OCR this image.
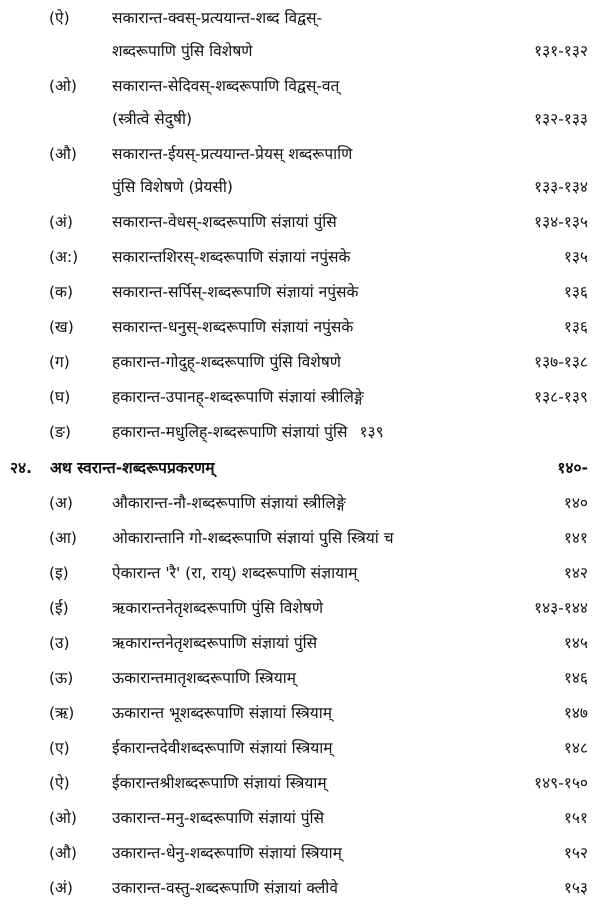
(ऐ)	सकारान्त-क्वस्-प्रत्ययान्त-शब्द विद्वस्-
शब्दरूपाणि पुंसि विशेषणे	१३१-१३२
(ओ) सकारान्त-सेदिवस्-शब्दरूपाणि विद्वस्-वत्
(स्त्रीत्वे सेदुषी)	१३२-१३३
(औ) सकारान्त-ईयस्-प्रत्ययान्त-प्रेयस् शब्दरूपाणि
पुंसि विशेषणे (प्रेयसी)	१३३-१३४
(अं)	सकारान्त-वेधस्-शब्दरूपाणि संज्ञायां पुंसि	१३४-१३५
(अ:) सकारान्तशिरस्-शब्दरूपाणि संज्ञायां नपुंसके	१३५
(क)	सकारान्त-सर्पिस्-शब्दरूपाणि संज्ञायां नपुंसके	१३६
(ख) सकारान्त-धनुस्-शब्दरूपाणि संज्ञायां नपुंसके	१३६
(ग)	हकारान्त-गोदुह्-शब्दरूपाणि पुंसि विशेषणे	१३७-१३८
(घ)	हकारान्त-उपानह्-शब्दरूपाणि संज्ञायां स्त्रीलिङ्गे	१३८-१३९
(ङ)	हकारान्त-मधुलिह्-शब्दरूपाणि संज्ञायां पुंसि १३९
२४. अथ स्वरान्त-शब्दरूपप्रकरणम्	१४०-
(अ)	औकारान्त-नौ-शब्दरूपाणि संज्ञायां स्त्रीलिङ्गे	१४०
(आ) ओकारान्तानि गो-शब्दरूपाणि संज्ञायां पुसि स्त्रियां च	१४१
(इ)	ऐकारान्त 'रै' (रा, राय्) शब्दरूपाणि संज्ञायाम्	१४२
(ई)	ऋकारान्तनेतृशब्दरूपाणि पुंसि विशेषणे	१४३-१४४
(उ)	ऋकारान्तनेतृशब्दरूपाणि संज्ञायां पुंसि	१४५
(ऊ) ऊकारान्तमातृशब्दरूपाणि स्त्रियाम्	१४६
(ऋ) ऊकारान्त भूशब्दरूपाणि संज्ञायां स्त्रियाम्	१४७
(ए)	ईकारान्तदेवीशब्दरूपाणि संज्ञायां स्त्रियाम्	१४८
(ऐ)	ईकारान्तश्रीशब्दरूपाणि संज्ञायां स्त्रियाम्	१४९-१५०
(ओ) उकारान्त-मनु-शब्दरूपाणि संज्ञायां पुंसि	१५१
(औ) उकारान्त-धेनु-शब्दरूपाणि संज्ञायां स्त्रियाम्	१५२
(अं)	उकारान्त-वस्तु-शब्दरूपाणि संज्ञायां क्लीवे	१५३
